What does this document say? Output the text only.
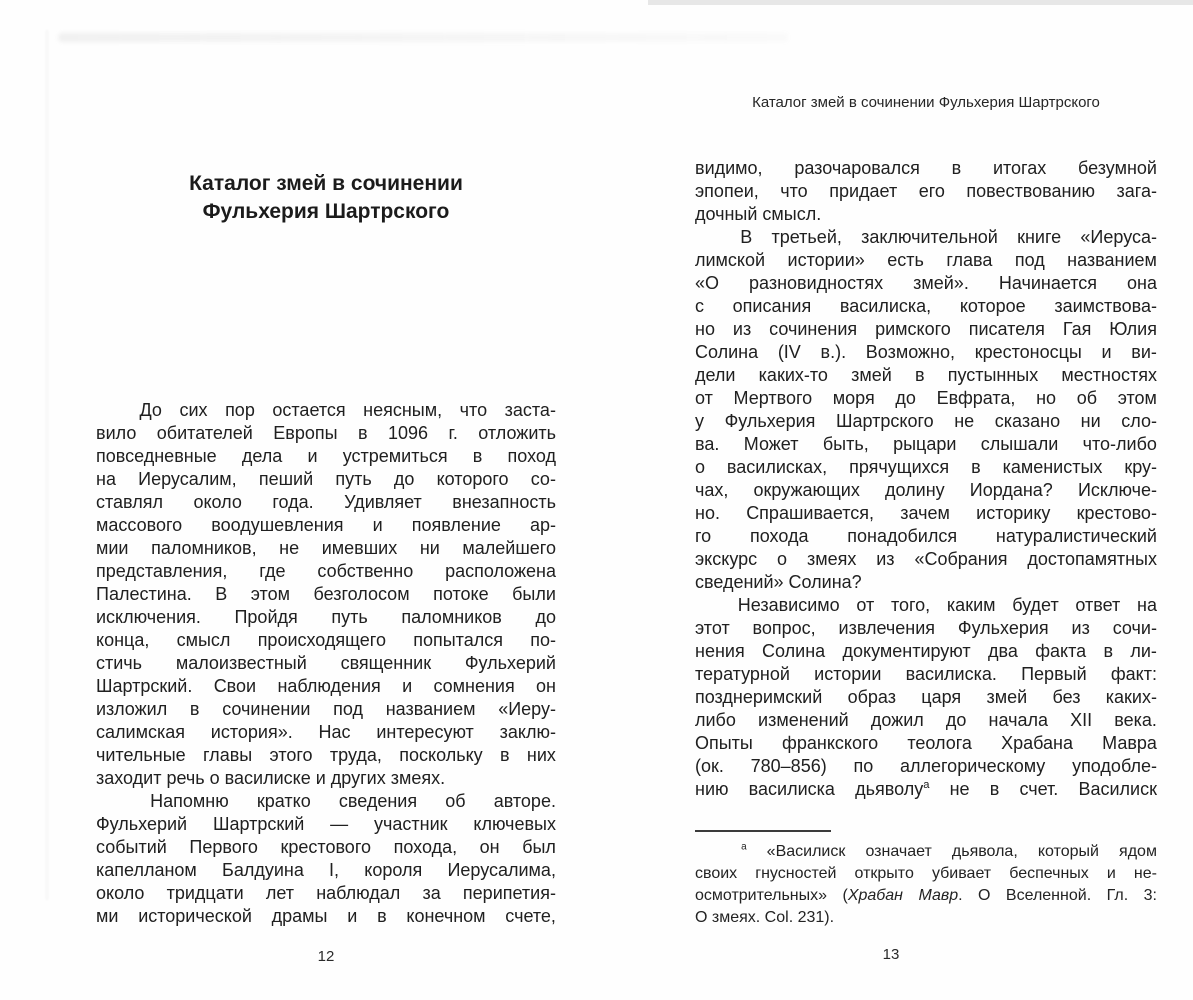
Каталог змей в сочинении
Фульхерия Шартрского
До сих пор остается неясным, что заста-
вило обитателей Европы в 1096 г. отложить
повседневные дела и устремиться в поход
на Иерусалим, пеший путь до которого со-
ставлял около года. Удивляет внезапность
массового воодушевления и появление ар-
мии паломников, не имевших ни малейшего
представления, где собственно расположена
Палестина. В этом безголосом потоке были
исключения. Пройдя путь паломников до
конца, смысл происходящего попытался по-
стичь малоизвестный священник Фульхерий
Шартрский. Свои наблюдения и сомнения он
изложил в сочинении под названием «Иеру-
салимская история». Нас интересуют заклю-
чительные главы этого труда, поскольку в них
заходит речь о василиске и других змеях.
Напомню кратко сведения об авторе.
Фульхерий Шартрский — участник ключевых
событий Первого крестового похода, он был
капелланом Балдуина I, короля Иерусалима,
около тридцати лет наблюдал за перипетия-
ми исторической драмы и в конечном счете,
12
Каталог змей в сочинении Фульхерия Шартрского
видимо, разочаровался в итогах безумной
эпопеи, что придает его повествованию зага-
дочный смысл.
В третьей, заключительной книге «Иеруса-
лимской истории» есть глава под названием
«О разновидностях змей». Начинается она
с описания василиска, которое заимствова-
но из сочинения римского писателя Гая Юлия
Солина (IV в.). Возможно, крестоносцы и ви-
дели каких-то змей в пустынных местностях
от Мертвого моря до Евфрата, но об этом
у Фульхерия Шартрского не сказано ни сло-
ва. Может быть, рыцари слышали что-либо
о василисках, прячущихся в каменистых кру-
чах, окружающих долину Иордана? Исключе-
но. Спрашивается, зачем историку крестово-
го похода понадобился натуралистический
экскурс о змеях из «Собрания достопамятных
сведений» Солина?
Независимо от того, каким будет ответ на
этот вопрос, извлечения Фульхерия из сочи-
нения Солина документируют два факта в ли-
тературной истории василиска. Первый факт:
позднеримский образ царя змей без каких-
либо изменений дожил до начала XII века.
Опыты франкского теолога Храбана Мавра
(ок. 780–856) по аллегорическому уподобле-
нию василиска дьяволу$^а$ не в счет. Василиск
$^а$ «Василиск означает дьявола, который ядом
своих гнусностей открыто убивает беспечных и не-
осмотрительных» (Храбан Мавр. О Вселенной. Гл. 3:
О змеях. Col. 231).
13
